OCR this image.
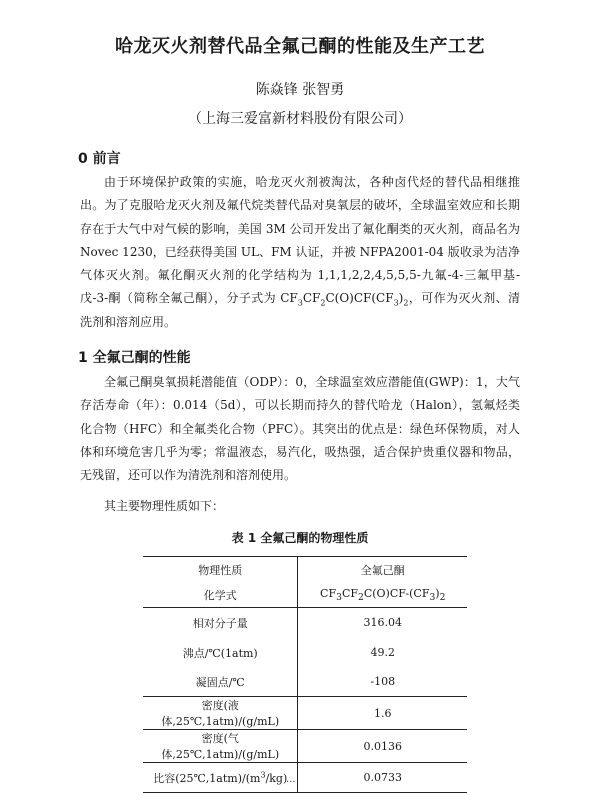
哈龙灭火剂替代品全氟己酮的性能及生产工艺
陈焱锋 张智勇
（上海三爱富新材料股份有限公司）
0 前言
由于环境保护政策的实施，哈龙灭火剂被淘汰，各种卤代烃的替代品相继推出。为了克服哈龙灭火剂及氟代烷类替代品对臭氧层的破坏，全球温室效应和长期存在于大气中对气候的影响，美国 3M 公司开发出了氟化酮类的灭火剂，商品名为 Novec 1230，已经获得美国 UL、FM 认证，并被 NFPA2001-04 版收录为洁净气体灭火剂。氟化酮灭火剂的化学结构为 1,1,1,2,2,4,5,5,5-九氟-4-三氟甲基-戊-3-酮（简称全氟己酮），分子式为 $CF_3CF_2C(O)CF(CF_3)_2$，可作为灭火剂、清洗剂和溶剂应用。
1 全氟己酮的性能
全氟己酮臭氧损耗潜能值（ODP）：0，全球温室效应潜能值(GWP)：1，大气存活寿命（年）：0.014（5d），可以长期而持久的替代哈龙（Halon），氢氟烃类化合物（HFC）和全氟类化合物（PFC）。其突出的优点是：绿色环保物质，对人体和环境危害几乎为零；常温液态，易汽化，吸热强，适合保护贵重仪器和物品，无残留，还可以作为清洗剂和溶剂使用。
其主要物理性质如下：
表 1 全氟己酮的物理性质
物理性质	全氟己酮
化学式	$CF_3CF_2C(O)CF-(CF_3)_2$
相对分子量	316.04
沸点/℃(1atm)	49.2
凝固点/℃	-108
密度(液体,25℃,1atm)/(g/mL)	1.6
密度(气体,25℃,1atm)/(g/mL)	0.0136
比容$(25℃,1atm)/(m^3/kg)$	0.0733
...
